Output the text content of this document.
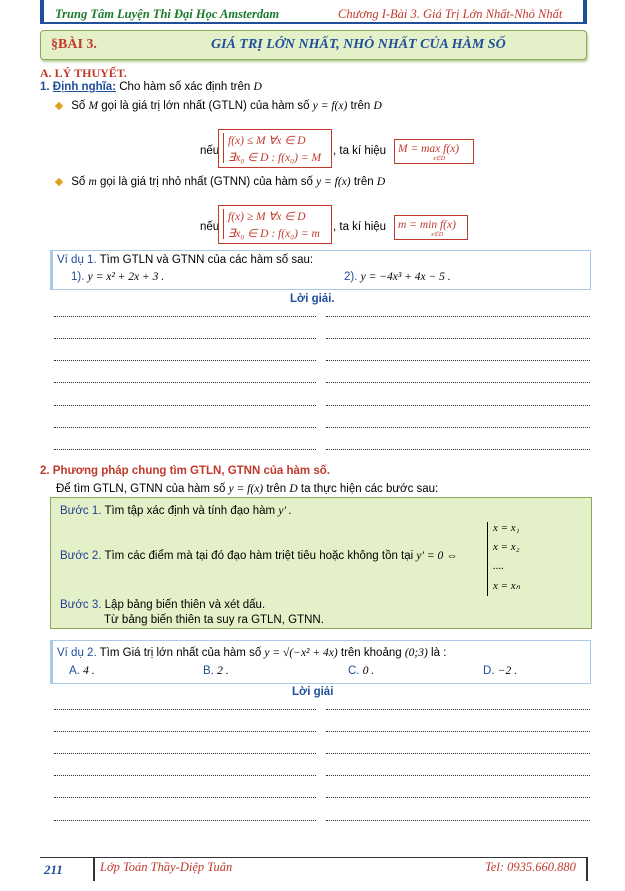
Trung Tâm Luyện Thi Đại Học Amsterdam	Chương I-Bài 3. Giá Trị Lớn Nhất-Nhỏ Nhất
§BÀI 3.	GIÁ TRỊ LỚN NHẤT, NHỎ NHẤT CỦA HÀM SỐ
A. LÝ THUYẾT.
1. Định nghĩa: Cho hàm số xác định trên D
Số M gọi là giá trị lớn nhất (GTLN) của hàm số y = f(x) trên D
nếu
f(x) ≤ M ∀x ∈ D
∃x₀ ∈ D : f(x₀) = M
, ta kí hiệu M = max f(x)
x∈D
Số m gọi là giá trị nhỏ nhất (GTNN) của hàm số y = f(x) trên D
nếu
f(x) ≥ M ∀x ∈ D
∃x₀ ∈ D : f(x₀) = m
, ta kí hiệu m = min f(x)
x∈D
Ví dụ 1. Tìm GTLN và GTNN của các hàm số sau:
1). y = x² + 2x + 3 .	2). y = −4x³ + 4x − 5 .
Lời giải.
2. Phương pháp chung tìm GTLN, GTNN của hàm số.
Để tìm GTLN, GTNN của hàm số y = f(x) trên D ta thực hiện các bước sau:
Bước 1. Tìm tập xác định và tính đạo hàm y' .
Bước 2. Tìm các điểm mà tại đó đạo hàm triệt tiêu hoặc không tồn tại y' = 0 ⇔
x = x₁
x = x₂
....
x = xₙ
Bước 3. Lập bảng biến thiên và xét dấu.
Từ bảng biến thiên ta suy ra GTLN, GTNN.
Ví dụ 2. Tìm Giá trị lớn nhất của hàm số y = √(−x² + 4x) trên khoảng (0;3) là :
A. 4 .	B. 2 .	C. 0 .	D. −2 .
Lời giải
211	Lớp Toán Thầy-Diệp Tuân	Tel: 0935.660.880
